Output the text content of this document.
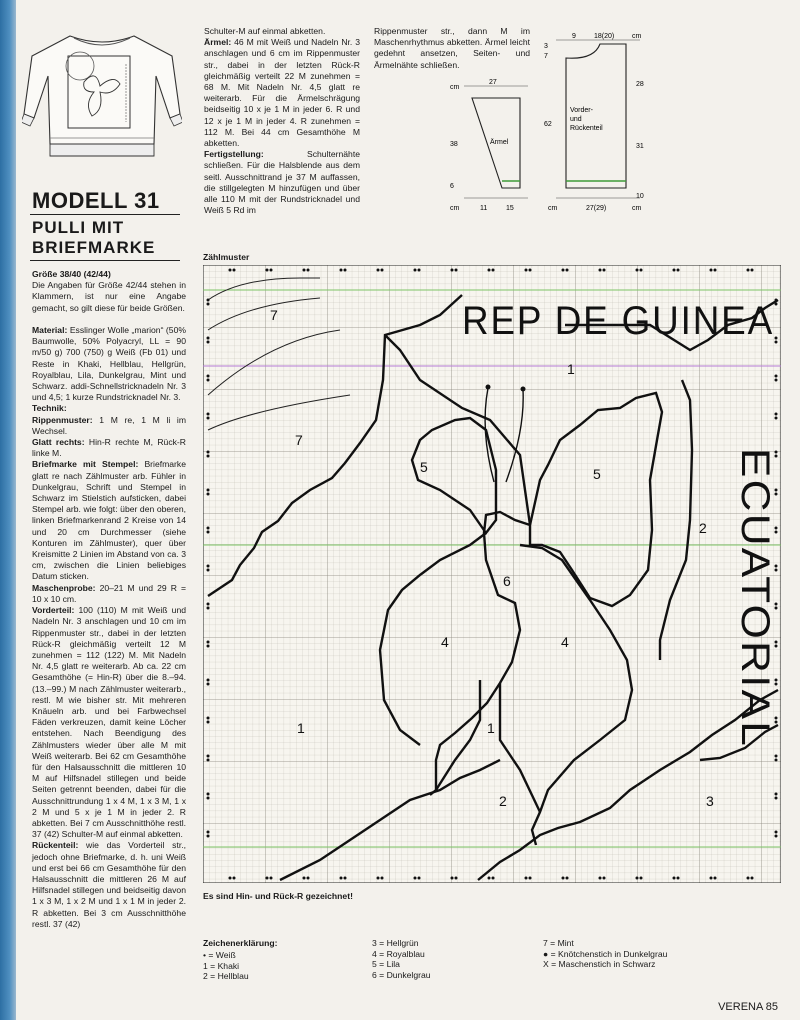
MODELL 31
PULLI MIT
BRIEFMARKE

Größe 38/40 (42/44)

Die Angaben für Größe 42/44 stehen in Klammern, ist nur eine Angabe gemacht, so gilt diese für beide Größen.

Material: Esslinger Wolle „marion“ (50% Baumwolle, 50% Polyacryl, LL = 90 m/50 g) 700 (750) g Weiß (Fb 01) und Reste in Khaki, Hellblau, Hellgrün, Royalblau, Lila, Dunkelgrau, Mint und Schwarz. addi-Schnellstricknadeln Nr. 3 und 4,5; 1 kurze Rundstricknadel Nr. 3.

Technik:

Rippenmuster: 1 M re, 1 M li im Wechsel.

Glatt rechts: Hin-R rechte M, Rück-R linke M.

Briefmarke mit Stempel: Briefmarke glatt re nach Zählmuster arb. Fühler in Dunkelgrau, Schrift und Stempel in Schwarz im Stielstich aufsticken, dabei Stempel arb. wie folgt: über den oberen, linken Briefmarkenrand 2 Kreise von 14 und 20 cm Durchmesser (siehe Konturen im Zählmuster), quer über Kreismitte 2 Linien im Abstand von ca. 3 cm, zwischen die Linien beliebiges Datum sticken.

Maschenprobe: 20–21 M und 29 R = 10 x 10 cm.

Vorderteil: 100 (110) M mit Weiß und Nadeln Nr. 3 anschlagen und 10 cm im Rippenmuster str., dabei in der letzten Rück-R gleichmäßig verteilt 12 M zunehmen = 112 (122) M. Mit Nadeln Nr. 4,5 glatt re weiterarb. Ab ca. 22 cm Gesamthöhe (= Hin-R) über die 8.–94. (13.–99.) M nach Zählmuster weiterarb., restl. M wie bisher str. Mit mehreren Knäueln arb. und bei Farbwechsel Fäden verkreuzen, damit keine Löcher entstehen. Nach Beendigung des Zählmusters wieder über alle M mit Weiß weiterarb. Bei 62 cm Gesamthöhe für den Halsausschnitt die mittleren 10 M auf Hilfsnadel stillegen und beide Seiten getrennt beenden, dabei für die Ausschnittrundung 1 x 4 M, 1 x 3 M, 1 x 2 M und 5 x je 1 M in jeder 2. R abketten. Bei 7 cm Ausschnitthöhe restl. 37 (42) Schulter-M auf einmal abketten.

Rückenteil: wie das Vorderteil str., jedoch ohne Briefmarke, d. h. uni Weiß und erst bei 66 cm Gesamthöhe für den Halsausschnitt die mittleren 26 M auf Hilfsnadel stillegen und beidseitig davon 1 x 3 M, 1 x 2 M und 1 x 1 M in jeder 2. R abketten. Bei 3 cm Ausschnitthöhe restl. 37 (42)

Schulter-M auf einmal abketten.

Ärmel: 46 M mit Weiß und Nadeln Nr. 3 anschlagen und 6 cm im Rippenmuster str., dabei in der letzten Rück-R gleichmäßig verteilt 22 M zunehmen = 68 M. Mit Nadeln Nr. 4,5 glatt re weiterarb. Für die Ärmelschrägung beidseitig 10 x je 1 M in jeder 6. R und 12 x je 1 M in jeder 4. R zunehmen = 112 M. Bei 44 cm Gesamthöhe M abketten.

Fertigstellung: Schulternähte schließen. Für die Halsblende aus dem seitl. Ausschnittrand je 37 M auffassen, die stillgelegten M hinzufügen und über alle 110 M mit der Rundstricknadel und Weiß 5 Rd im

Rippenmuster str., dann M im Maschenrhythmus abketten. Ärmel leicht gedehnt ansetzen, Seiten- und Ärmelnähte schließen.

cm
27
38
6
cm	11	15
Ärmel
3
7
62
9	18(20)	cm
28
31
10
cm	27(29)	cm
Vorder-
und
Rückenteil
Zählmuster
REP DE GUINEA
ECUATORIAL
7
7
1
5	5
2
6
4	4
1	1
2	3
Es sind Hin- und Rück-R gezeichnet!
Zeichenerklärung:
• = Weiß
1 = Khaki
2 = Hellblau
3 = Hellgrün
4 = Royalblau
5 = Lila
6 = Dunkelgrau
7 = Mint
● = Knötchenstich in Dunkelgrau
X = Maschenstich in Schwarz
VERENA 85
